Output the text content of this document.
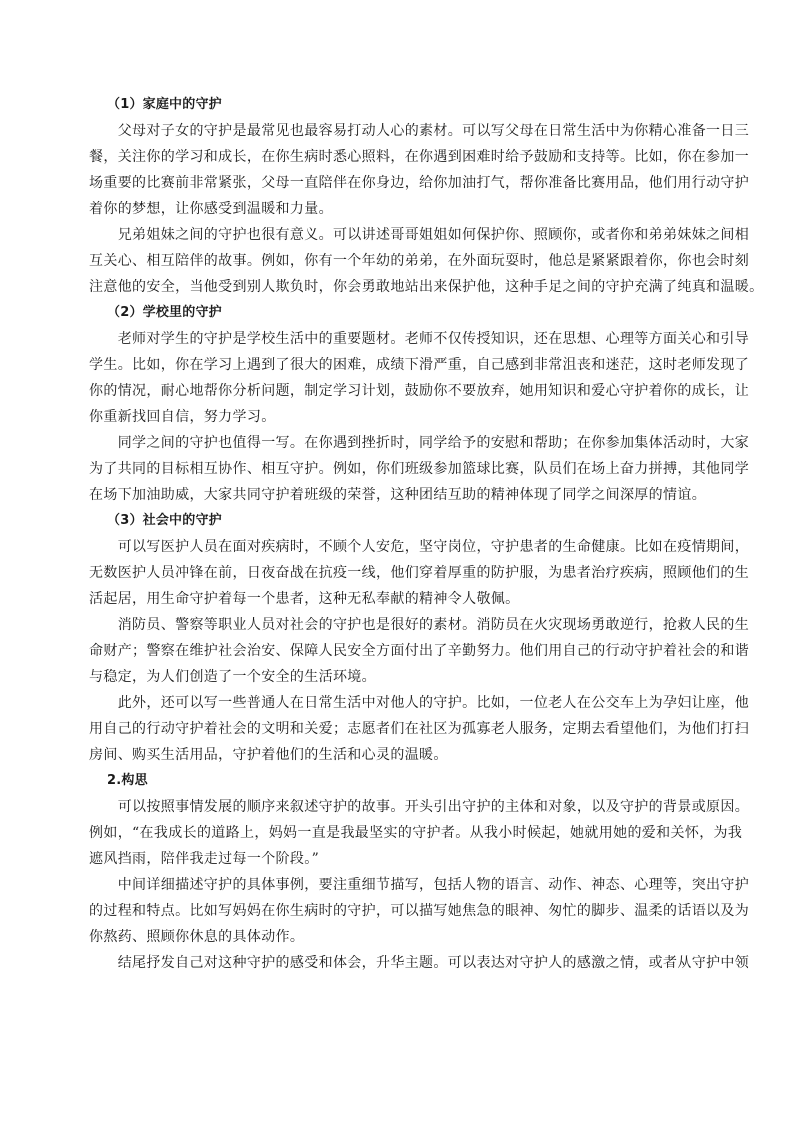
（1）家庭中的守护
　　父母对子女的守护是最常见也最容易打动人心的素材。可以写父母在日常生活中为你精心准备一日三
餐，关注你的学习和成长，在你生病时悉心照料，在你遇到困难时给予鼓励和支持等。比如，你在参加一
场重要的比赛前非常紧张，父母一直陪伴在你身边，给你加油打气，帮你准备比赛用品，他们用行动守护
着你的梦想，让你感受到温暖和力量。
　　兄弟姐妹之间的守护也很有意义。可以讲述哥哥姐姐如何保护你、照顾你，或者你和弟弟妹妹之间相
互关心、相互陪伴的故事。例如，你有一个年幼的弟弟，在外面玩耍时，他总是紧紧跟着你，你也会时刻
注意他的安全，当他受到别人欺负时，你会勇敢地站出来保护他，这种手足之间的守护充满了纯真和温暖。
（2）学校里的守护
　　老师对学生的守护是学校生活中的重要题材。老师不仅传授知识，还在思想、心理等方面关心和引导
学生。比如，你在学习上遇到了很大的困难，成绩下滑严重，自己感到非常沮丧和迷茫，这时老师发现了
你的情况，耐心地帮你分析问题，制定学习计划，鼓励你不要放弃，她用知识和爱心守护着你的成长，让
你重新找回自信，努力学习。
　　同学之间的守护也值得一写。在你遇到挫折时，同学给予的安慰和帮助；在你参加集体活动时，大家
为了共同的目标相互协作、相互守护。例如，你们班级参加篮球比赛，队员们在场上奋力拼搏，其他同学
在场下加油助威，大家共同守护着班级的荣誉，这种团结互助的精神体现了同学之间深厚的情谊。
（3）社会中的守护
　　可以写医护人员在面对疾病时，不顾个人安危，坚守岗位，守护患者的生命健康。比如在疫情期间，
无数医护人员冲锋在前，日夜奋战在抗疫一线，他们穿着厚重的防护服，为患者治疗疾病，照顾他们的生
活起居，用生命守护着每一个患者，这种无私奉献的精神令人敬佩。
　　消防员、警察等职业人员对社会的守护也是很好的素材。消防员在火灾现场勇敢逆行，抢救人民的生
命财产；警察在维护社会治安、保障人民安全方面付出了辛勤努力。他们用自己的行动守护着社会的和谐
与稳定，为人们创造了一个安全的生活环境。
　　此外，还可以写一些普通人在日常生活中对他人的守护。比如，一位老人在公交车上为孕妇让座，他
用自己的行动守护着社会的文明和关爱；志愿者们在社区为孤寡老人服务，定期去看望他们，为他们打扫
房间、购买生活用品，守护着他们的生活和心灵的温暖。
2.构思
　　可以按照事情发展的顺序来叙述守护的故事。开头引出守护的主体和对象，以及守护的背景或原因。
例如，“在我成长的道路上，妈妈一直是我最坚实的守护者。从我小时候起，她就用她的爱和关怀，为我
遮风挡雨，陪伴我走过每一个阶段。”
　　中间详细描述守护的具体事例，要注重细节描写，包括人物的语言、动作、神态、心理等，突出守护
的过程和特点。比如写妈妈在你生病时的守护，可以描写她焦急的眼神、匆忙的脚步、温柔的话语以及为
你熬药、照顾你休息的具体动作。
　　结尾抒发自己对这种守护的感受和体会，升华主题。可以表达对守护人的感激之情，或者从守护中领
